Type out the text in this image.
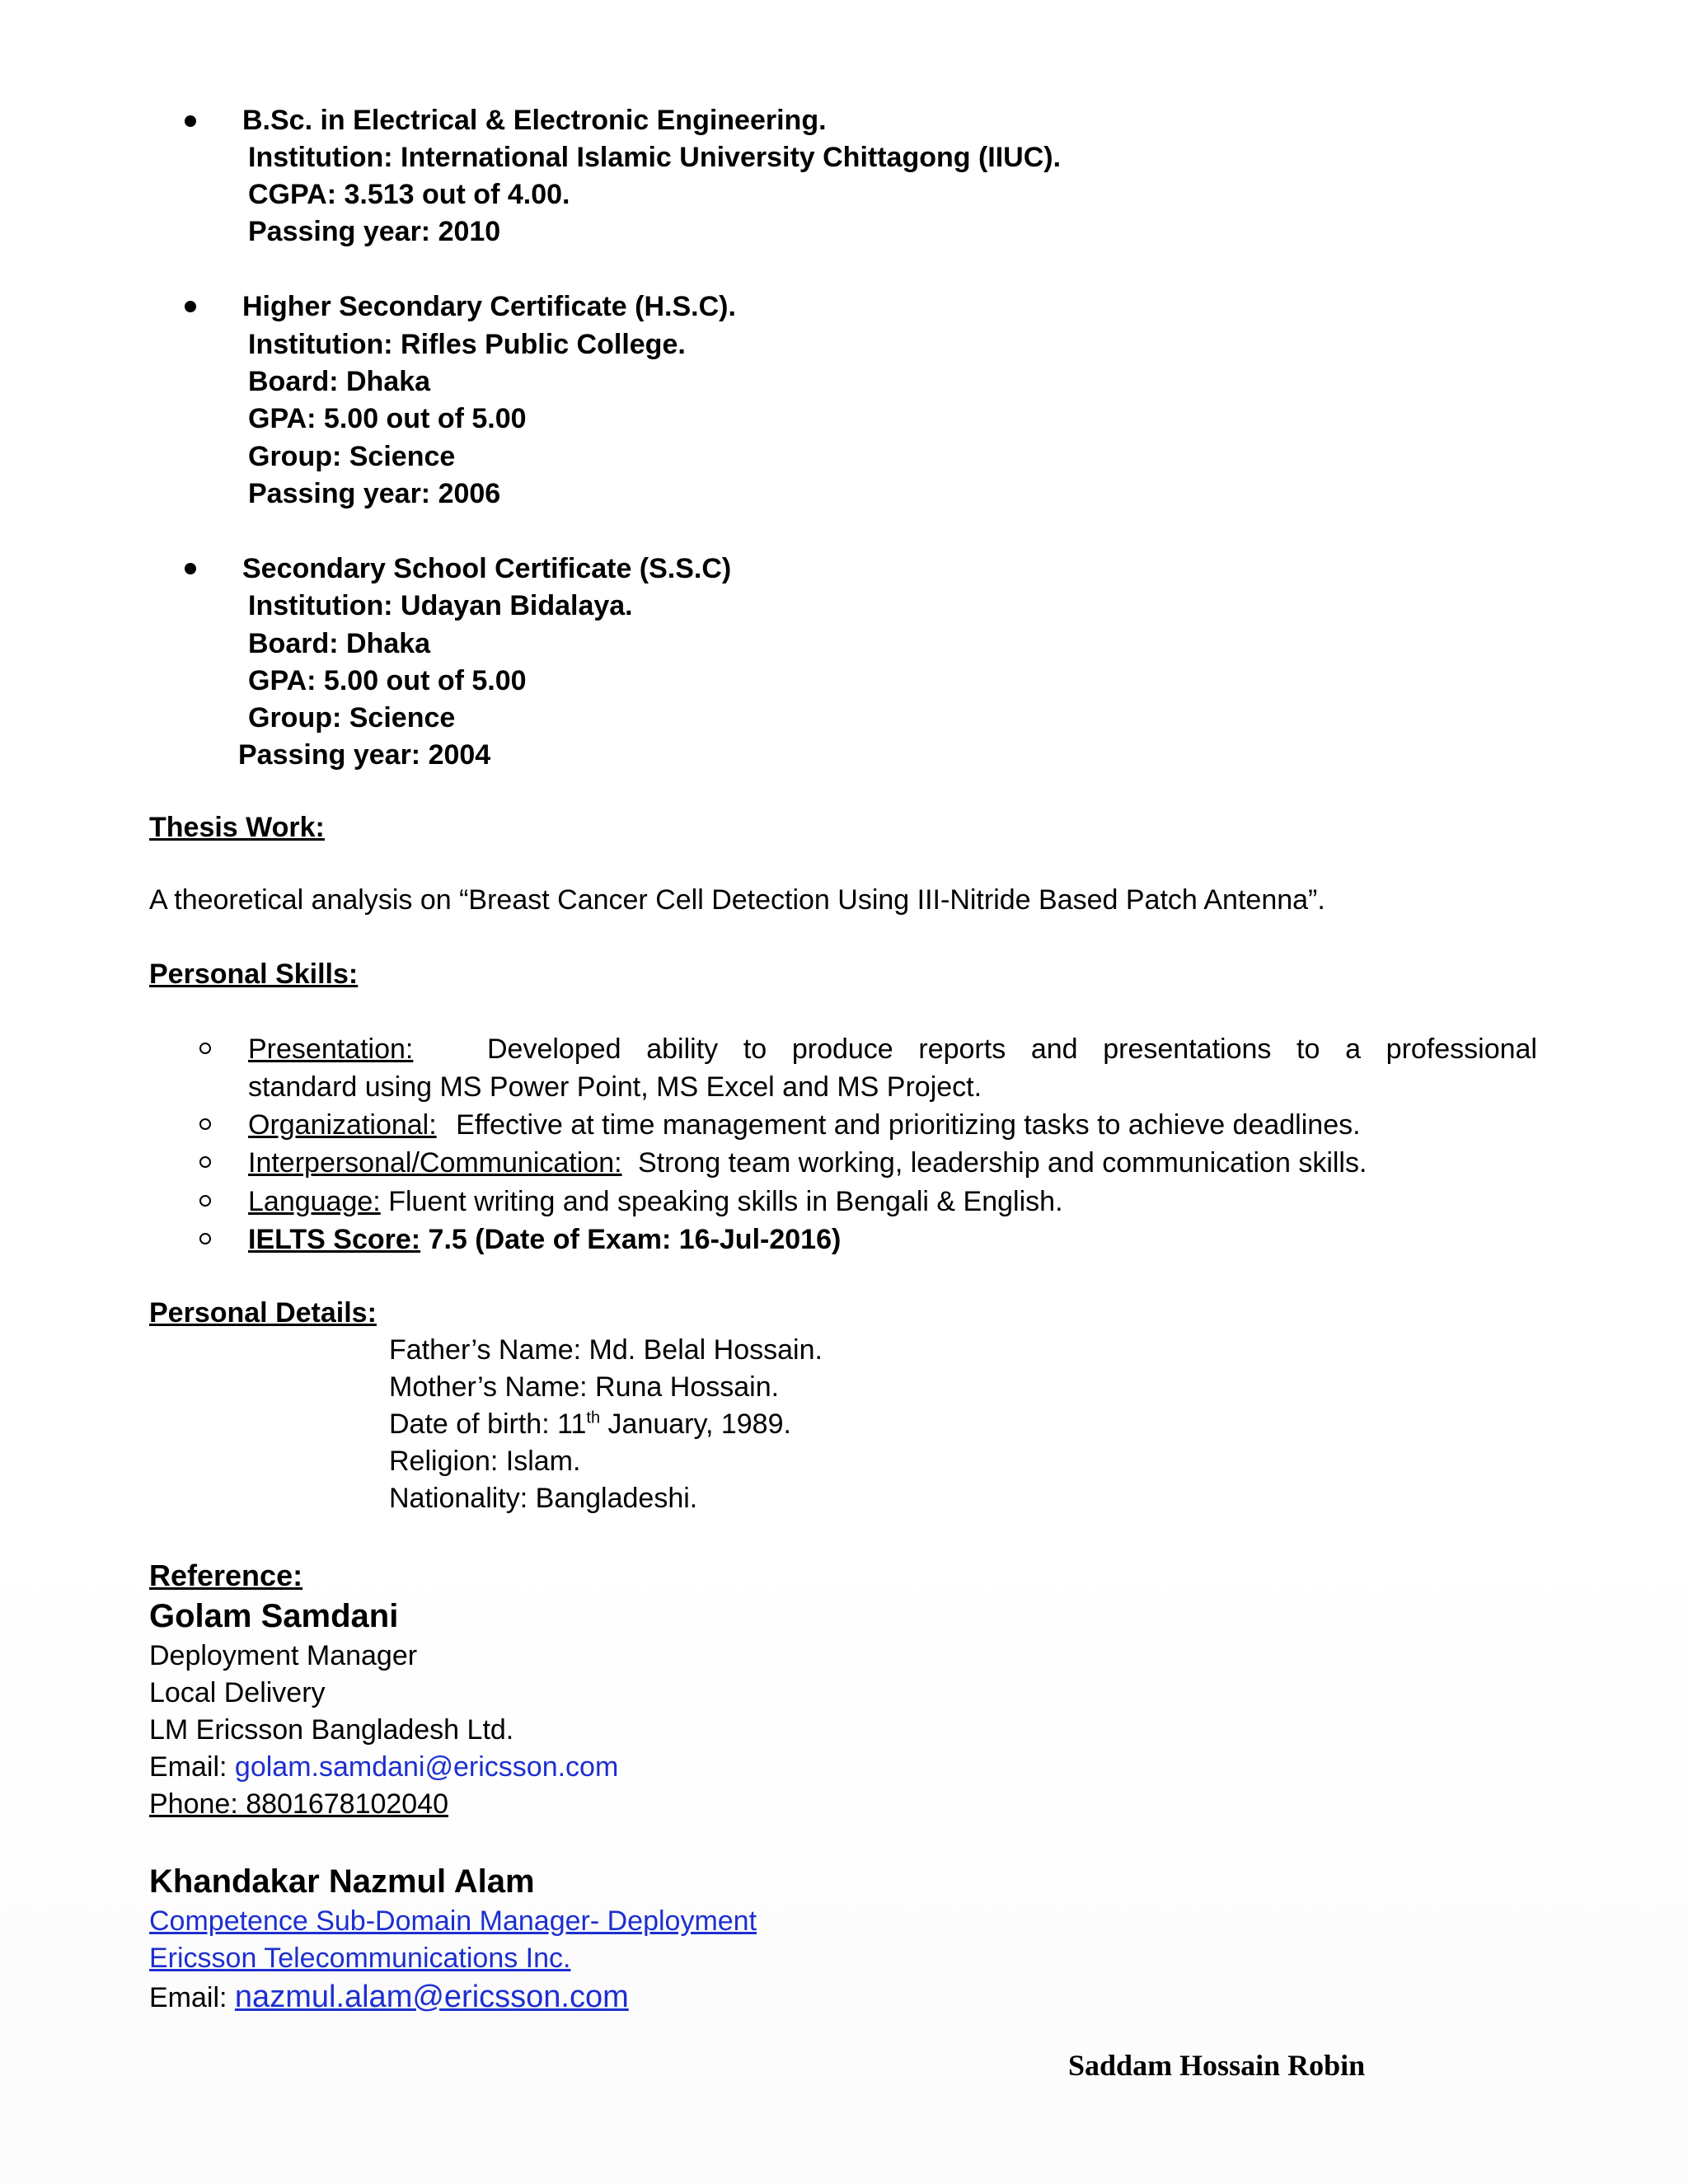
B.Sc. in Electrical & Electronic Engineering.
Institution: International Islamic University Chittagong (IIUC).
CGPA: 3.513 out of 4.00.
Passing year: 2010
Higher Secondary Certificate (H.S.C).
Institution: Rifles Public College.
Board: Dhaka
GPA: 5.00 out of 5.00
Group: Science
Passing year: 2006
Secondary School Certificate (S.S.C)
Institution: Udayan Bidalaya.
Board: Dhaka
GPA: 5.00 out of 5.00
Group: Science
Passing year: 2004
Thesis Work:
A theoretical analysis on “Breast Cancer Cell Detection Using III-Nitride Based Patch Antenna”.
Personal Skills:
Presentation:	Developed ability to produce reports and presentations to a professional
standard using MS Power Point, MS Excel and MS Project.
Organizational: Effective at time management and prioritizing tasks to achieve deadlines.
Interpersonal/Communication: Strong team working, leadership and communication skills.
Language: Fluent writing and speaking skills in Bengali & English.
IELTS Score: 7.5 (Date of Exam: 16-Jul-2016)
Personal Details:
Father’s Name: Md. Belal Hossain.
Mother’s Name: Runa Hossain.
Date of birth: 11th January, 1989.
Religion: Islam.
Nationality: Bangladeshi.
Reference:
Golam Samdani
Deployment Manager
Local Delivery
LM Ericsson Bangladesh Ltd.
Email: golam.samdani@ericsson.com
Phone: 8801678102040
Khandakar Nazmul Alam
Competence Sub-Domain Manager- Deployment
Ericsson Telecommunications Inc.
Email: nazmul.alam@ericsson.com
Saddam Hossain Robin
